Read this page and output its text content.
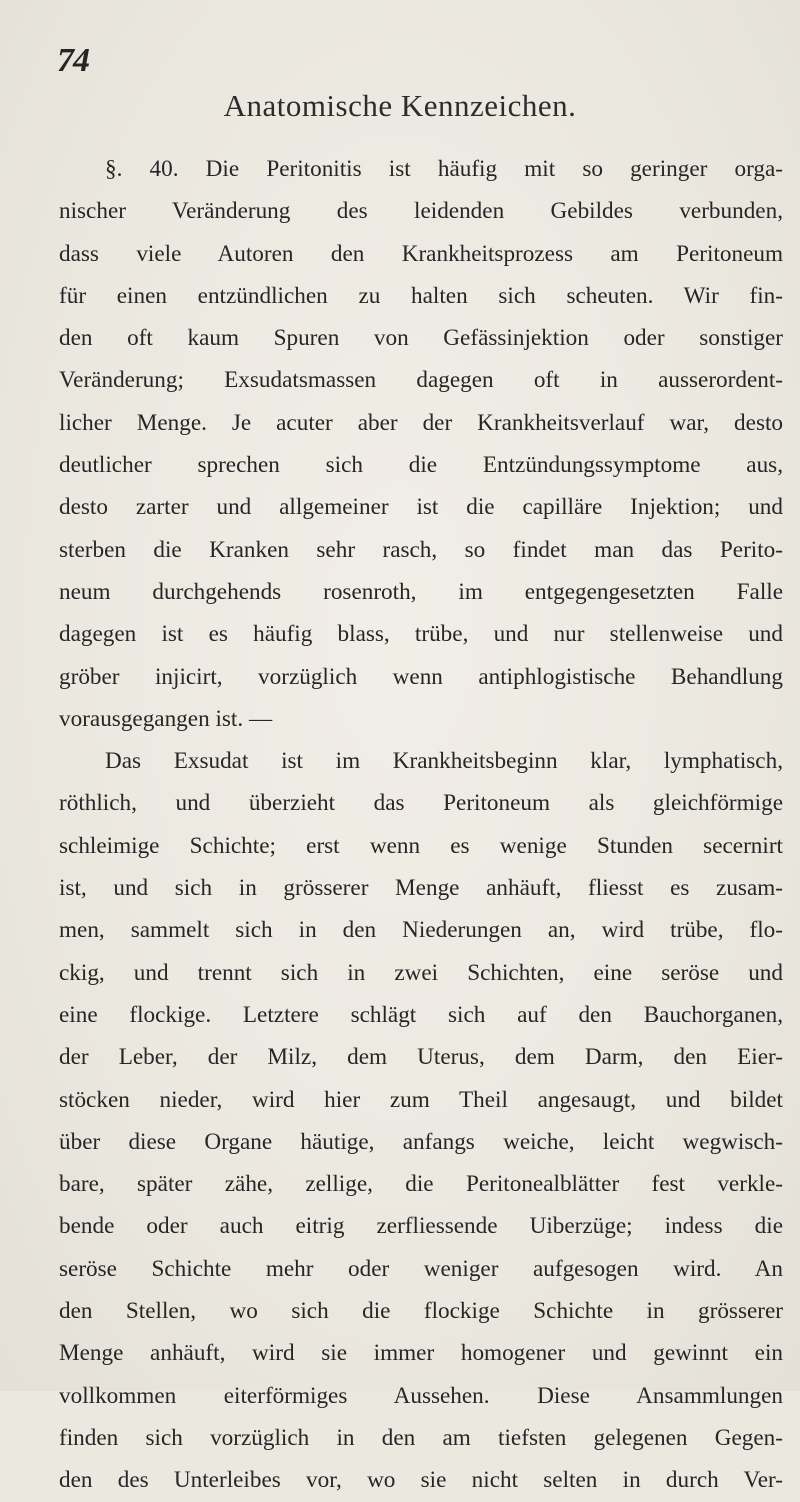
74
Anatomische Kennzeichen.
§. 40. Die Peritonitis ist häufig mit so geringer orga-
nischer Veränderung des leidenden Gebildes verbunden,
dass viele Autoren den Krankheitsprozess am Peritoneum
für einen entzündlichen zu halten sich scheuten. Wir fin-
den oft kaum Spuren von Gefässinjektion oder sonstiger
Veränderung; Exsudatsmassen dagegen oft in ausserordent-
licher Menge. Je acuter aber der Krankheitsverlauf war, desto
deutlicher sprechen sich die Entzündungssymptome aus,
desto zarter und allgemeiner ist die capilläre Injektion; und
sterben die Kranken sehr rasch, so findet man das Perito-
neum durchgehends rosenroth, im entgegengesetzten Falle
dagegen ist es häufig blass, trübe, und nur stellenweise und
gröber injicirt, vorzüglich wenn antiphlogistische Behandlung
vorausgegangen ist. —
Das Exsudat ist im Krankheitsbeginn klar, lymphatisch,
röthlich, und überzieht das Peritoneum als gleichförmige
schleimige Schichte; erst wenn es wenige Stunden secernirt
ist, und sich in grösserer Menge anhäuft, fliesst es zusam-
men, sammelt sich in den Niederungen an, wird trübe, flo-
ckig, und trennt sich in zwei Schichten, eine seröse und
eine flockige. Letztere schlägt sich auf den Bauchorganen,
der Leber, der Milz, dem Uterus, dem Darm, den Eier-
stöcken nieder, wird hier zum Theil angesaugt, und bildet
über diese Organe häutige, anfangs weiche, leicht wegwisch-
bare, später zähe, zellige, die Peritonealblätter fest verkle-
bende oder auch eitrig zerfliessende Uiberzüge; indess die
seröse Schichte mehr oder weniger aufgesogen wird. An
den Stellen, wo sich die flockige Schichte in grösserer
Menge anhäuft, wird sie immer homogener und gewinnt ein
vollkommen eiterförmiges Aussehen. Diese Ansammlungen
finden sich vorzüglich in den am tiefsten gelegenen Gegen-
den des Unterleibes vor, wo sie nicht selten in durch Ver-
